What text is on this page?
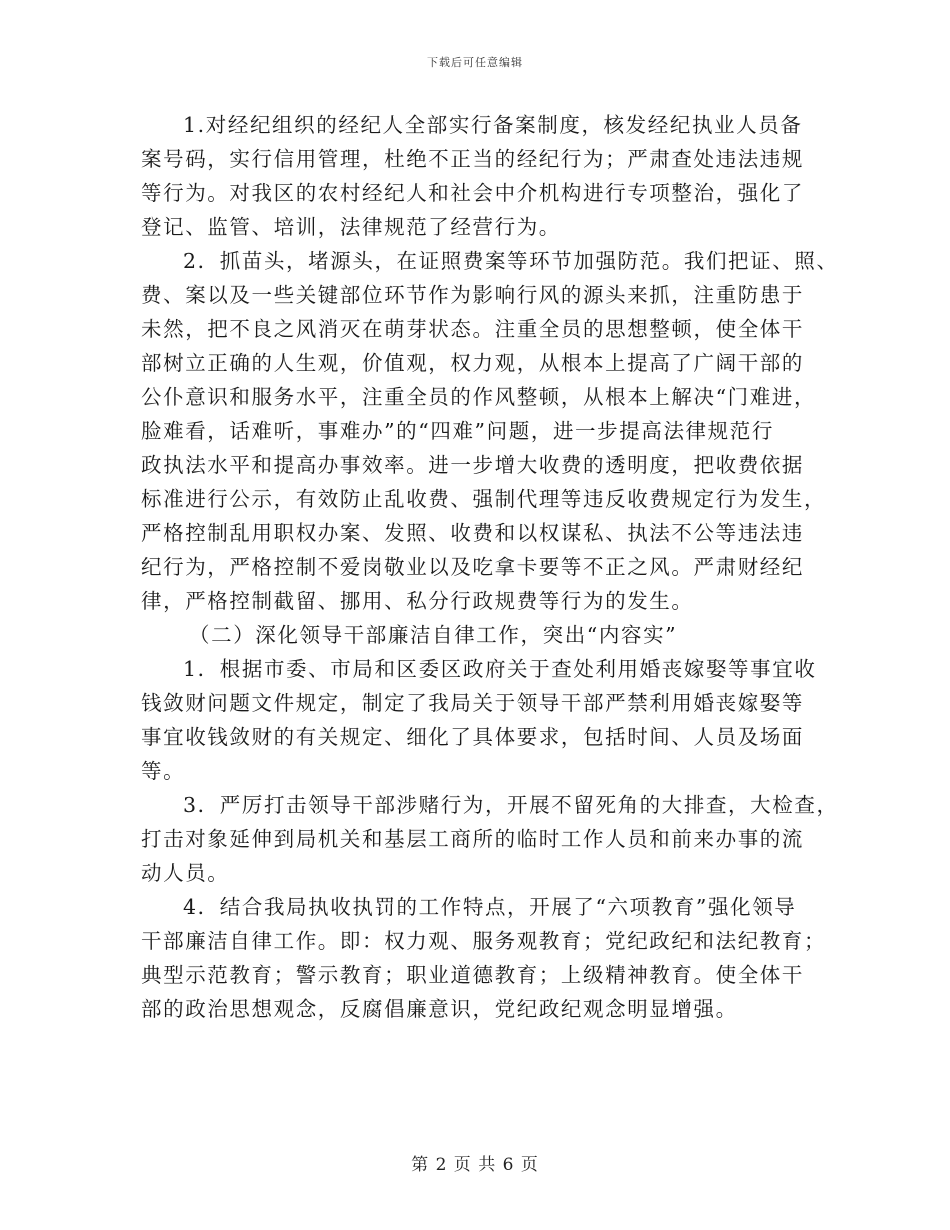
下载后可任意编辑
1.对经纪组织的经纪人全部实行备案制度，核发经纪执业人员备
案号码，实行信用管理，杜绝不正当的经纪行为；严肃查处违法违规
等行为。对我区的农村经纪人和社会中介机构进行专项整治，强化了
登记、监管、培训，法律规范了经营行为。
2．抓苗头，堵源头，在证照费案等环节加强防范。我们把证、照、
费、案以及一些关键部位环节作为影响行风的源头来抓，注重防患于
未然，把不良之风消灭在萌芽状态。注重全员的思想整顿，使全体干
部树立正确的人生观，价值观，权力观，从根本上提高了广阔干部的
公仆意识和服务水平，注重全员的作风整顿，从根本上解决“门难进，
脸难看，话难听，事难办”的“四难”问题，进一步提高法律规范行
政执法水平和提高办事效率。进一步增大收费的透明度，把收费依据
标准进行公示，有效防止乱收费、强制代理等违反收费规定行为发生，
严格控制乱用职权办案、发照、收费和以权谋私、执法不公等违法违
纪行为，严格控制不爱岗敬业以及吃拿卡要等不正之风。严肃财经纪
律，严格控制截留、挪用、私分行政规费等行为的发生。
（二）深化领导干部廉洁自律工作，突出“内容实”
1．根据市委、市局和区委区政府关于查处利用婚丧嫁娶等事宜收
钱敛财问题文件规定，制定了我局关于领导干部严禁利用婚丧嫁娶等
事宜收钱敛财的有关规定、细化了具体要求，包括时间、人员及场面
等。
3．严厉打击领导干部涉赌行为，开展不留死角的大排查，大检查，
打击对象延伸到局机关和基层工商所的临时工作人员和前来办事的流
动人员。
4．结合我局执收执罚的工作特点，开展了“六项教育”强化领导
干部廉洁自律工作。即：权力观、服务观教育；党纪政纪和法纪教育；
典型示范教育；警示教育；职业道德教育；上级精神教育。使全体干
部的政治思想观念，反腐倡廉意识，党纪政纪观念明显增强。
第 2 页 共 6 页
